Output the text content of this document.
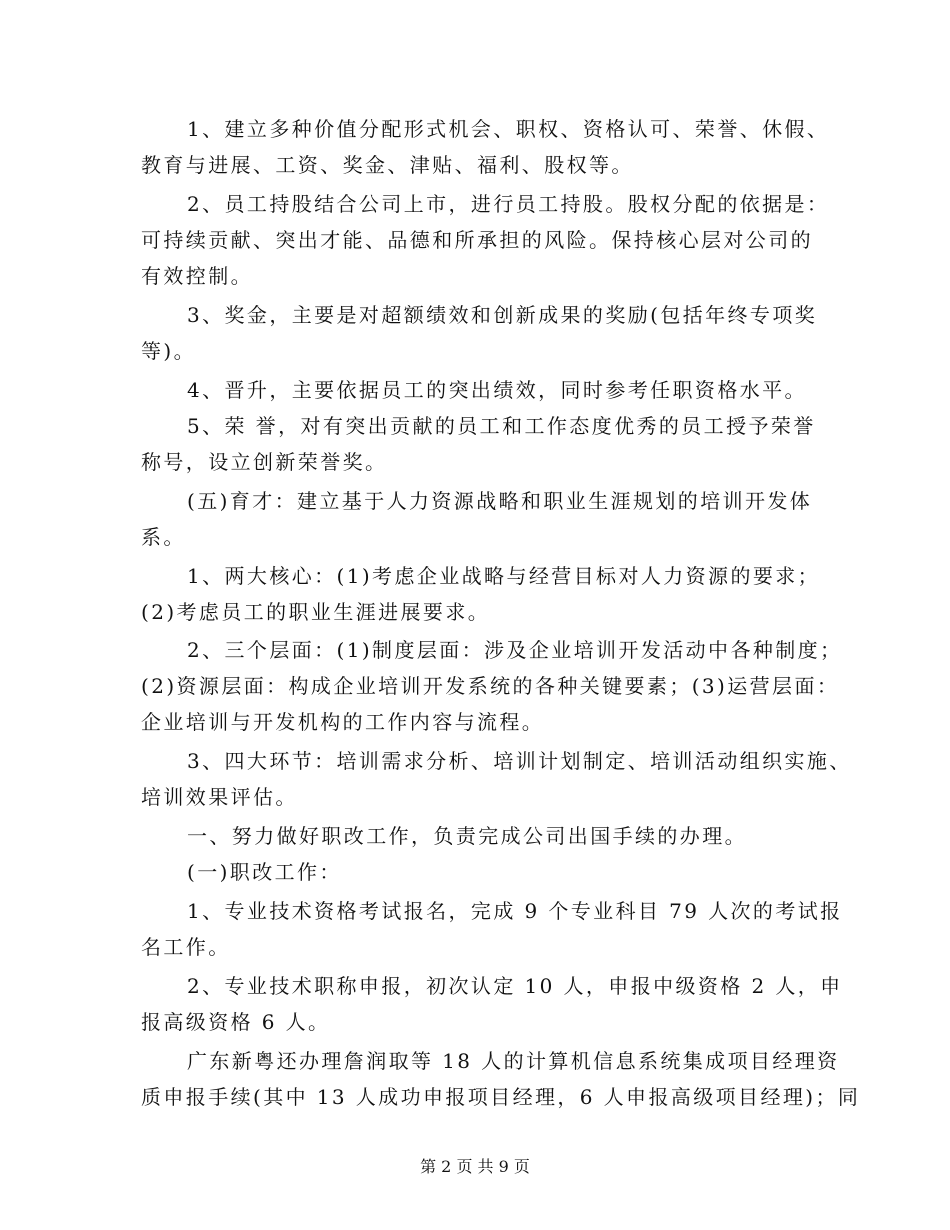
1、建立多种价值分配形式机会、职权、资格认可、荣誉、休假、
教育与进展、工资、奖金、津贴、福利、股权等。
2、员工持股结合公司上市，进行员工持股。股权分配的依据是：
可持续贡献、突出才能、品德和所承担的风险。保持核心层对公司的
有效控制。
3、奖金，主要是对超额绩效和创新成果的奖励(包括年终专项奖
等)。
4、晋升，主要依据员工的突出绩效，同时参考任职资格水平。
5、荣 誉，对有突出贡献的员工和工作态度优秀的员工授予荣誉
称号，设立创新荣誉奖。
(五)育才：建立基于人力资源战略和职业生涯规划的培训开发体
系。
1、两大核心：(1)考虑企业战略与经营目标对人力资源的要求；
(2)考虑员工的职业生涯进展要求。
2、三个层面：(1)制度层面：涉及企业培训开发活动中各种制度；
(2)资源层面：构成企业培训开发系统的各种关键要素；(3)运营层面：
企业培训与开发机构的工作内容与流程。
3、四大环节：培训需求分析、培训计划制定、培训活动组织实施、
培训效果评估。
一、努力做好职改工作，负责完成公司出国手续的办理。
(一)职改工作：
1、专业技术资格考试报名，完成 9 个专业科目 79 人次的考试报
名工作。
2、专业技术职称申报，初次认定 10 人，申报中级资格 2 人，申
报高级资格 6 人。
广东新粤还办理詹润取等 18 人的计算机信息系统集成项目经理资
质申报手续(其中 13 人成功申报项目经理，6 人申报高级项目经理)；同
第 2 页 共 9 页
